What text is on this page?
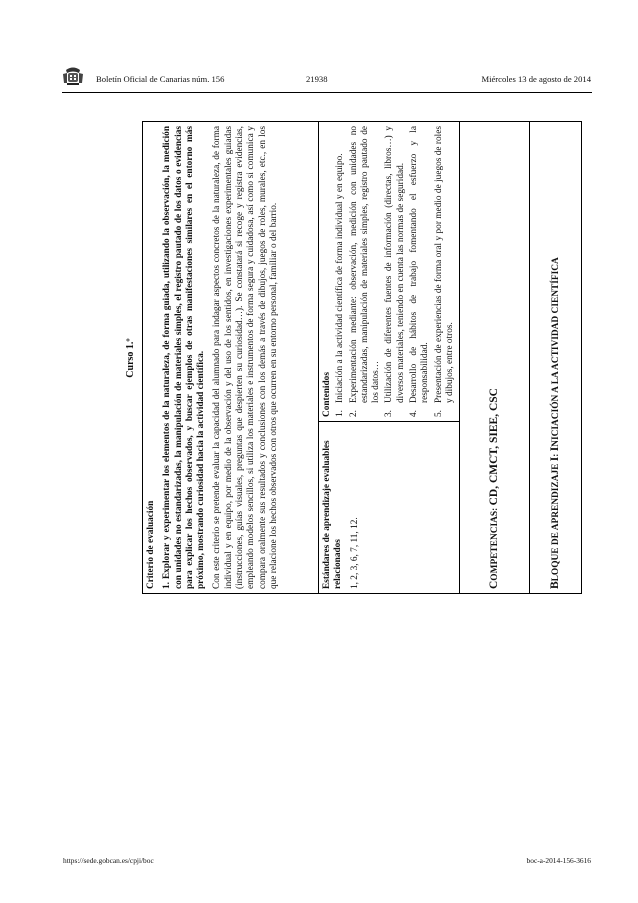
Boletín Oficial de Canarias núm. 156	21938	Miércoles 13 de agosto de 2014
Curso 1.º
Criterio de evaluación 1. Explorar y experimentar los elementos de la naturaleza, de forma guiada, utilizando la observación, la medición con unidades no estandarizadas, la manipulación de materiales simples, el registro pautado de los datos o evidencias para explicar los hechos observados, y buscar ejemplos de otras manifestaciones similares en el entorno más próximo, mostrando curiosidad hacia la actividad científica. Con este criterio se pretende evaluar la capacidad del alumnado para indagar aspectos concretos de la naturaleza, de forma individual y en equipo, por medio de la observación y del uso de los sentidos, en investigaciones experimentales guiadas (instrucciones, guías visuales, preguntas que despierten su curiosidad…). Se constatará si recoge y registra evidencias, empleando modelos sencillos, si utiliza los materiales e instrumentos de forma segura y cuidadosa, así como si comunica y compara oralmente sus resultados y conclusiones con los demás a través de dibujos, juegos de roles, murales, etc., en los que relacione los hechos observados con otros que ocurren en su entorno personal, familiar o del barrio.

Estándares de aprendizaje evaluables relacionados 1, 2, 3, 6, 7, 11, 12.

Contenidos 1.
Iniciación a la actividad científica de forma individual y en equipo.
2.
Experimentación mediante: observación, medición con unidades no estandarizadas, manipulación de materiales simples, registro pautado de los datos…
3.
Utilización de diferentes fuentes de información (directas, libros…) y diversos materiales, teniendo en cuenta las normas de seguridad.
4.
Desarrollo de hábitos de trabajo fomentando el esfuerzo y la responsabilidad.
5.
Presentación de experiencias de forma oral y por medio de juegos de roles y dibujos, entre otros.

COMPETENCIAS: CD, CMCT, SIEE, CSC
BLOQUE DE APRENDIZAJE I: INICIACIÓN A LA ACTIVIDAD CIENTÍFICA
https://sede.gobcan.es/cpji/boc	boc-a-2014-156-3616
